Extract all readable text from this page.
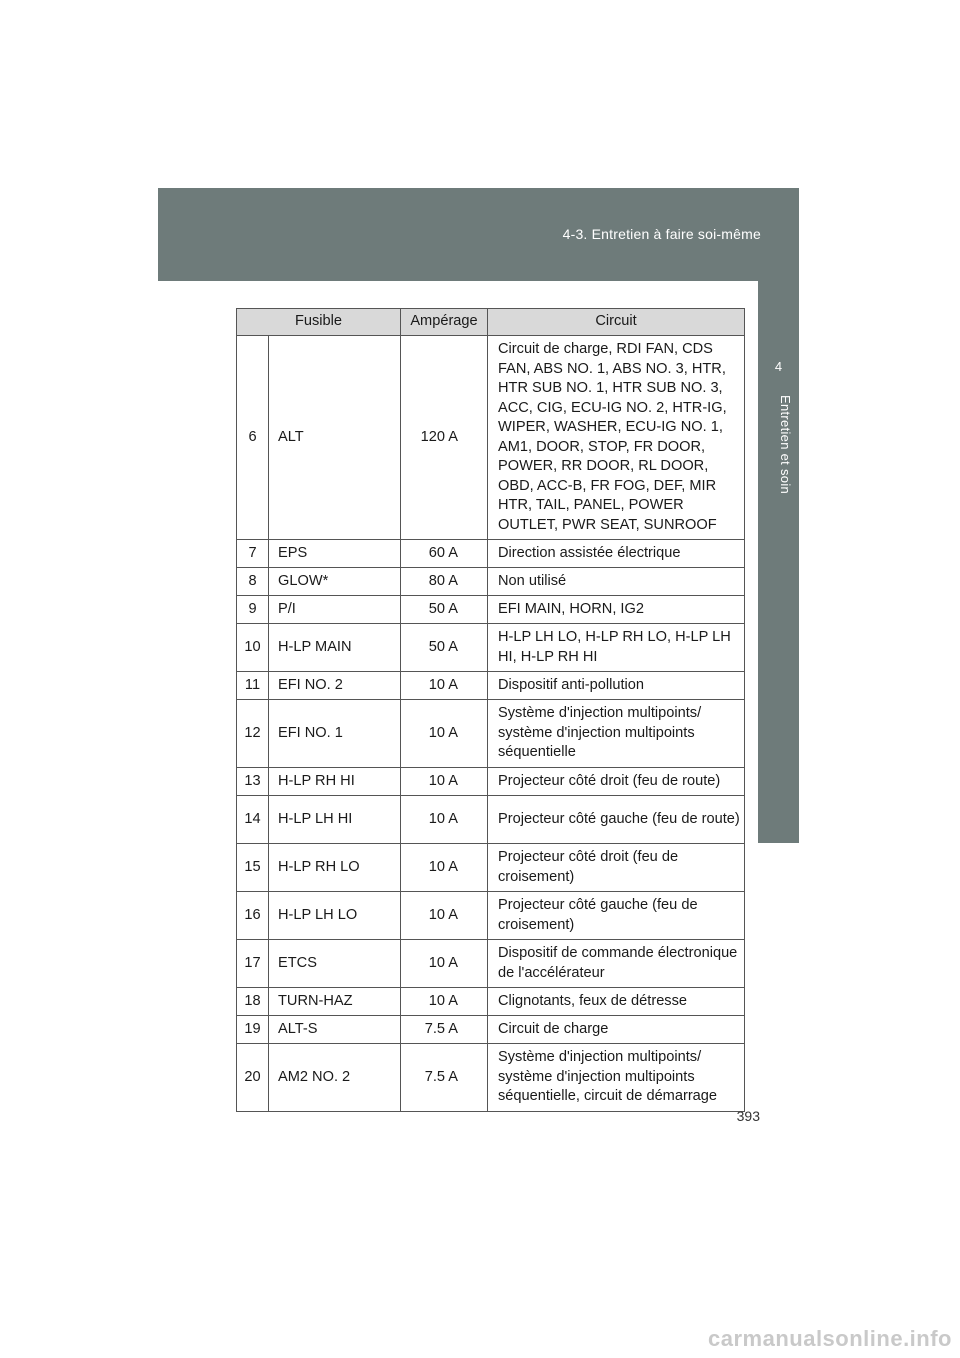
4-3. Entretien à faire soi-même
4
Entretien et soin
Fusible		Ampérage	Circuit
6	ALT	120 A	Circuit de charge, RDI FAN, CDS FAN, ABS NO. 1, ABS NO. 3, HTR, HTR SUB NO. 1, HTR SUB NO. 3, ACC, CIG, ECU-IG NO. 2, HTR-IG, WIPER, WASHER, ECU-IG NO. 1, AM1, DOOR, STOP, FR DOOR, POWER, RR DOOR, RL DOOR, OBD, ACC-B, FR FOG, DEF, MIR HTR, TAIL, PANEL, POWER OUTLET, PWR SEAT, SUNROOF
7	EPS	60 A	Direction assistée électrique
8	GLOW*	80 A	Non utilisé
9	P/I	50 A	EFI MAIN, HORN, IG2
10	H-LP MAIN	50 A	H-LP LH LO, H-LP RH LO, H-LP LH HI, H-LP RH HI
11	EFI NO. 2	10 A	Dispositif anti-pollution
12	EFI NO. 1	10 A	Système d'injection multipoints/ système d'injection multipoints séquentielle
13	H-LP RH HI	10 A	Projecteur côté droit (feu de route)
14	H-LP LH HI	10 A	Projecteur côté gauche (feu de route)
15	H-LP RH LO	10 A	Projecteur côté droit (feu de croisement)
16	H-LP LH LO	10 A	Projecteur côté gauche (feu de croisement)
17	ETCS	10 A	Dispositif de commande électronique de l'accélérateur
18	TURN-HAZ	10 A	Clignotants, feux de détresse
19	ALT-S	7.5 A	Circuit de charge
20	AM2 NO. 2	7.5 A	Système d'injection multipoints/ système d'injection multipoints séquentielle, circuit de démarrage
393
carmanualsonline.info
